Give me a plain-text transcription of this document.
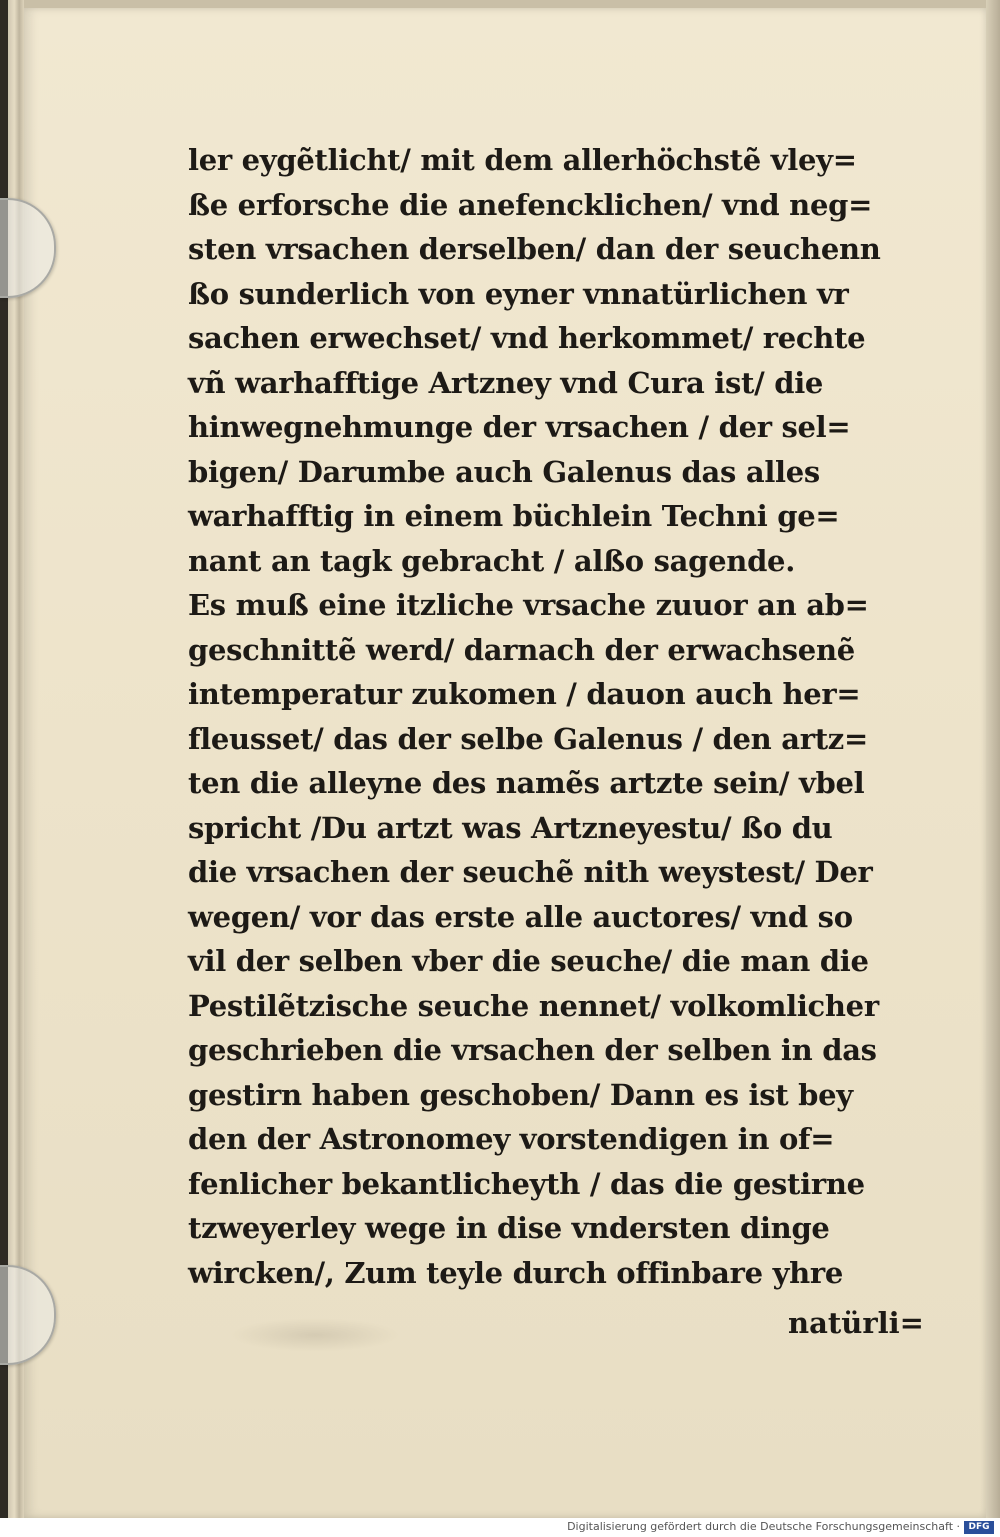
ler eygẽtlicht/ mit dem allerhöchstẽ vley=
ße erforsche die anefencklichen/ vnd neg=
sten vrsachen derselben/ dan der seuchenn
ßo sunderlich von eyner vnnatürlichen vr
sachen erwechset/ vnd herkommet/ rechte
vñ warhafftige Artzney vnd Cura ist/ die
hinwegnehmunge der vrsachen / der sel=
bigen/ Darumbe auch Galenus das alles
warhafftig in einem büchlein Techni ge=
nant an tagk gebracht / alßo sagende.
Es muß eine itzliche vrsache zuuor an ab=
geschnittẽ werd/ darnach der erwachsenẽ
intemperatur zukomen / dauon auch her=
fleusset/ das der selbe Galenus / den artz=
ten die alleyne des namẽs artzte sein/ vbel
spricht /Du artzt was Artzneyestu/ ßo du
die vrsachen der seuchẽ nith weystest/ Der
wegen/ vor das erste alle auctores/ vnd so
vil der selben vber die seuche/ die man die
Pestilẽtzische seuche nennet/ volkomlicher
geschrieben die vrsachen der selben in das
gestirn haben geschoben/ Dann es ist bey
den der Astronomey vorstendigen in of=
fenlicher bekantlicheyth / das die gestirne
tzweyerley wege in dise vndersten dinge
wircken/, Zum teyle durch offinbare yhre
natürli=
Digitalisierung gefördert durch die Deutsche Forschungsgemeinschaft · DFG
